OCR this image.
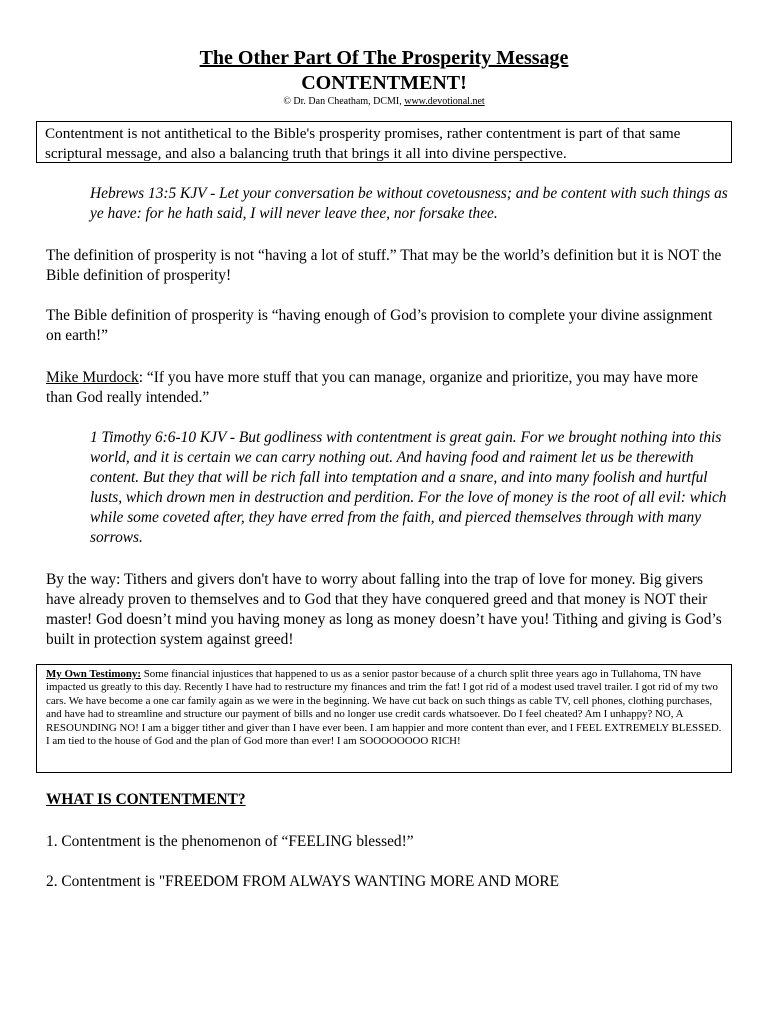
The Other Part Of The Prosperity Message
CONTENTMENT!
© Dr. Dan Cheatham, DCMI, www.devotional.net
Contentment is not antithetical to the Bible's prosperity promises, rather contentment is part of that same scriptural message, and also a balancing truth that brings it all into divine perspective.

Hebrews 13:5 KJV - Let your conversation be without covetousness; and be content with such things as ye have: for he hath said, I will never leave thee, nor forsake thee.

The definition of prosperity is not “having a lot of stuff.” That may be the world’s definition but it is NOT the Bible definition of prosperity!

The Bible definition of prosperity is “having enough of God’s provision to complete your divine assignment on earth!”

Mike Murdock: “If you have more stuff that you can manage, organize and prioritize, you may have more than God really intended.”

1 Timothy 6:6-10 KJV - But godliness with contentment is great gain. For we brought nothing into this world, and it is certain we can carry nothing out. And having food and raiment let us be therewith content. But they that will be rich fall into temptation and a snare, and into many foolish and hurtful lusts, which drown men in destruction and perdition. For the love of money is the root of all evil: which while some coveted after, they have erred from the faith, and pierced themselves through with many sorrows.

By the way: Tithers and givers don't have to worry about falling into the trap of love for money. Big givers have already proven to themselves and to God that they have conquered greed and that money is NOT their master! God doesn’t mind you having money as long as money doesn’t have you! Tithing and giving is God’s built in protection system against greed!

My Own Testimony: Some financial injustices that happened to us as a senior pastor because of a church split three years ago in Tullahoma, TN have impacted us greatly to this day. Recently I have had to restructure my finances and trim the fat! I got rid of a modest used travel trailer. I got rid of my two cars. We have become a one car family again as we were in the beginning. We have cut back on such things as cable TV, cell phones, clothing purchases, and have had to streamline and structure our payment of bills and no longer use credit cards whatsoever. Do I feel cheated? Am I unhappy? NO, A RESOUNDING NO! I am a bigger tither and giver than I have ever been. I am happier and more content than ever, and I FEEL EXTREMELY BLESSED. I am tied to the house of God and the plan of God more than ever! I am SOOOOOOOO RICH!

WHAT IS CONTENTMENT?

1. Contentment is the phenomenon of “FEELING blessed!”

2. Contentment is "FREEDOM FROM ALWAYS WANTING MORE AND MORE
